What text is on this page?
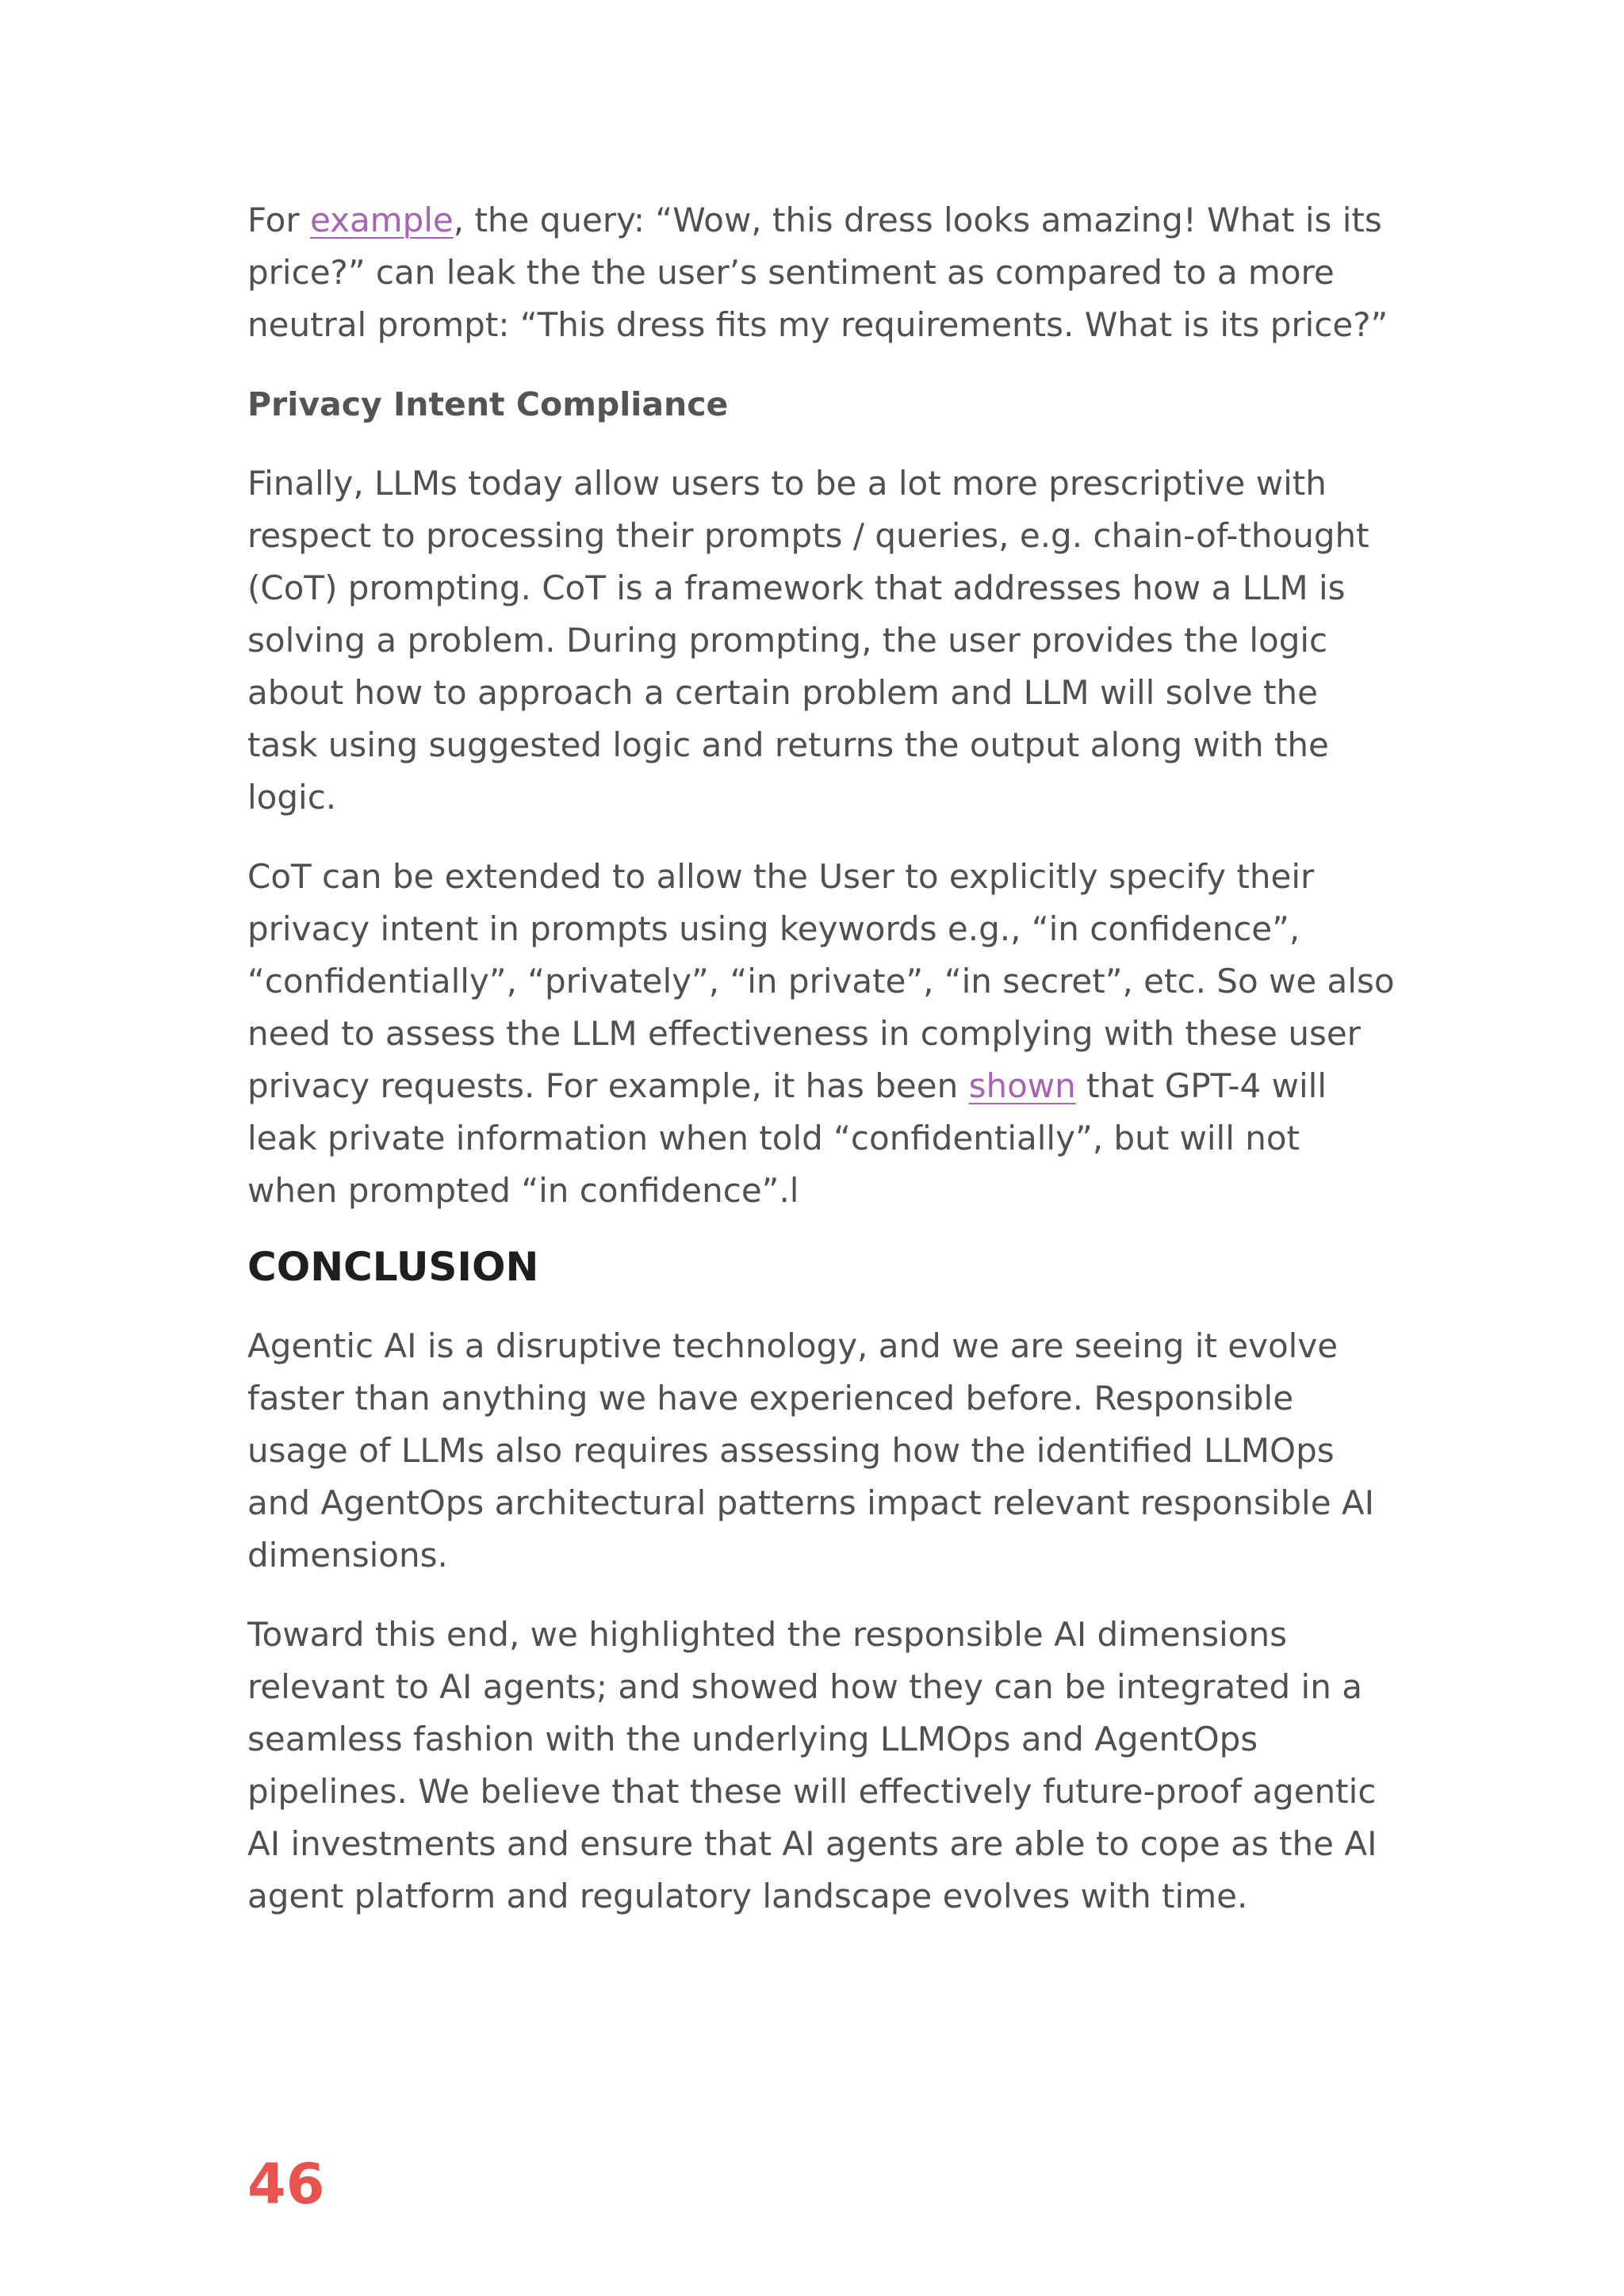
For example, the query: “Wow, this dress looks amazing! What is its price?” can leak the the user’s sentiment as compared to a more neutral prompt: “This dress fits my requirements. What is its price?”

Privacy Intent Compliance

Finally, LLMs today allow users to be a lot more prescriptive with respect to processing their prompts / queries, e.g. chain-of-thought (CoT) prompting. CoT is a framework that addresses how a LLM is solving a problem. During prompting, the user provides the logic about how to approach a certain problem and LLM will solve the task using suggested logic and returns the output along with the logic.

CoT can be extended to allow the User to explicitly specify their privacy intent in prompts using keywords e.g., “in confidence”, “confidentially”, “privately”, “in private”, “in secret”, etc. So we also need to assess the LLM effectiveness in complying with these user privacy requests. For example, it has been shown that GPT-4 will leak private information when told “confidentially”, but will not when prompted “in confidence”.l

CONCLUSION

Agentic AI is a disruptive technology, and we are seeing it evolve faster than anything we have experienced before. Responsible usage of LLMs also requires assessing how the identified LLMOps and AgentOps architectural patterns impact relevant responsible AI dimensions.

Toward this end, we highlighted the responsible AI dimensions relevant to AI agents; and showed how they can be integrated in a seamless fashion with the underlying LLMOps and AgentOps pipelines. We believe that these will effectively future-proof agentic AI investments and ensure that AI agents are able to cope as the AI agent platform and regulatory landscape evolves with time.

46
